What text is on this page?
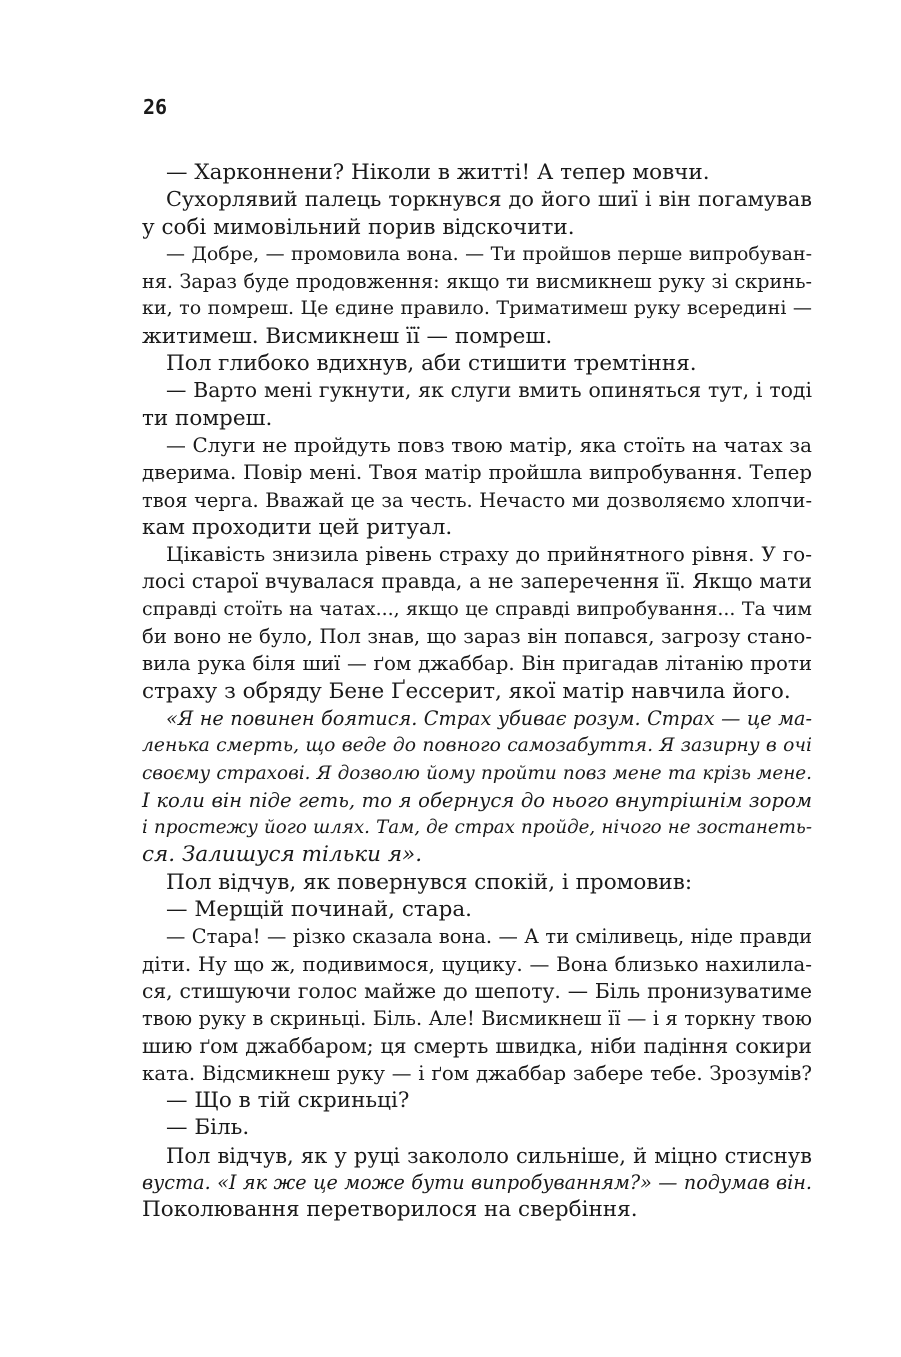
26
— Харконнени? Ніколи в житті! А тепер мовчи.
Сухорлявий палець торкнувся до його шиї і він погамував
у собі мимовільний порив відскочити.
— Добре, — промовила вона. — Ти пройшов перше випробуван-
ня. Зараз буде продовження: якщо ти висмикнеш руку зі скринь-
ки, то помреш. Це єдине правило. Триматимеш руку всередині —
житимеш. Висмикнеш її — помреш.
Пол глибоко вдихнув, аби стишити тремтіння.
— Варто мені гукнути, як слуги вмить опиняться тут, і тоді
ти помреш.
— Слуги не пройдуть повз твою матір, яка стоїть на чатах за
дверима. Повір мені. Твоя матір пройшла випробування. Тепер
твоя черга. Вважай це за честь. Нечасто ми дозволяємо хлопчи-
кам проходити цей ритуал.
Цікавість знизила рівень страху до прийнятного рівня. У го-
лосі старої вчувалася правда, а не заперечення її. Якщо мати
справді стоїть на чатах..., якщо це справді випробування... Та чим
би воно не було, Пол знав, що зараз він попався, загрозу стано-
вила рука біля шиї — ґом джаббар. Він пригадав літанію проти
страху з обряду Бене Ґессерит, якої матір навчила його.
«Я не повинен боятися. Страх убиває розум. Страх — це ма-
ленька смерть, що веде до повного самозабуття. Я зазирну в очі
своєму страхові. Я дозволю йому пройти повз мене та крізь мене.
І коли він піде геть, то я обернуся до нього внутрішнім зором
і простежу його шлях. Там, де страх пройде, нічого не зостанеть-
ся. Залишуся тільки я».
Пол відчув, як повернувся спокій, і промовив:
— Мерщій починай, стара.
— Стара! — різко сказала вона. — А ти сміливець, ніде правди
діти. Ну що ж, подивимося, цуцику. — Вона близько нахилила-
ся, стишуючи голос майже до шепоту. — Біль пронизуватиме
твою руку в скриньці. Біль. Але! Висмикнеш її — і я торкну твою
шию ґом джаббаром; ця смерть швидка, ніби падіння сокири
ката. Відсмикнеш руку — і ґом джаббар забере тебе. Зрозумів?
— Що в тій скриньці?
— Біль.
Пол відчув, як у руці закололо сильніше, й міцно стиснув
вуста. «І як же це може бути випробуванням?» — подумав він.
Поколювання перетворилося на свербіння.
